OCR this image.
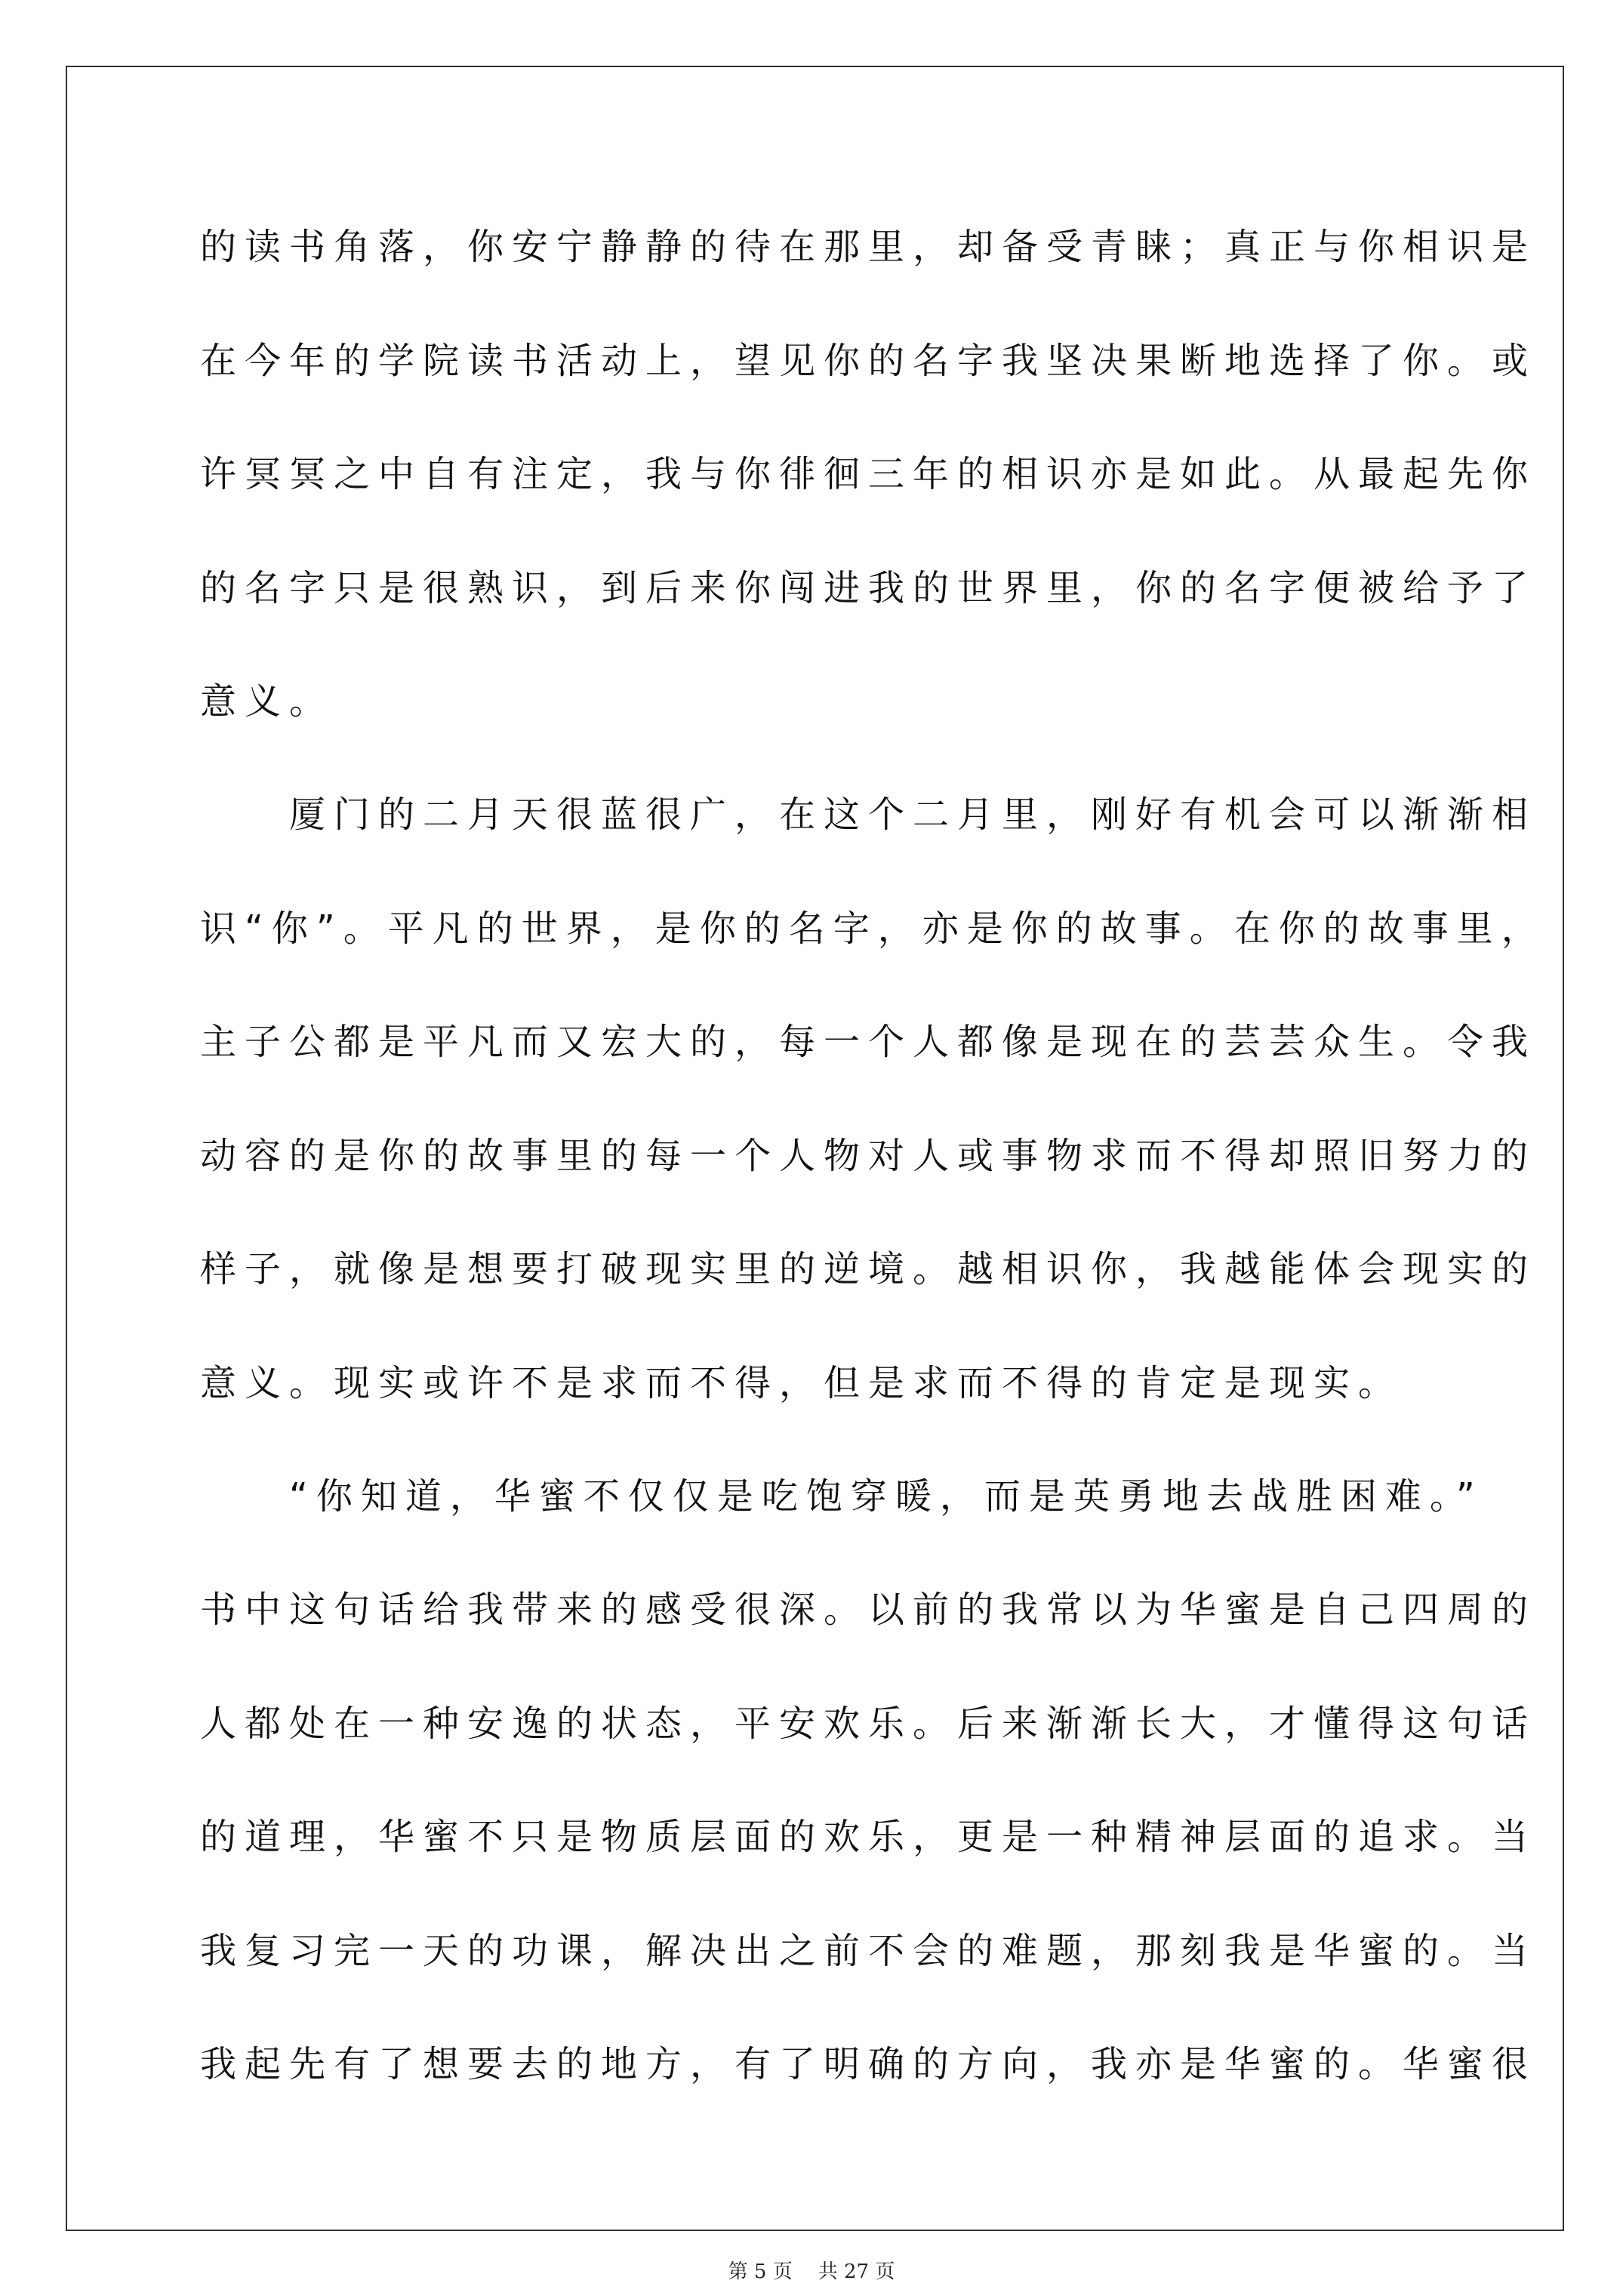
的读书角落，你安宁静静的待在那里，却备受青睐；真正与你相识是
在今年的学院读书活动上，望见你的名字我坚决果断地选择了你。或
许冥冥之中自有注定，我与你徘徊三年的相识亦是如此。从最起先你
的名字只是很熟识，到后来你闯进我的世界里，你的名字便被给予了
意义。
　　厦门的二月天很蓝很广，在这个二月里，刚好有机会可以渐渐相
识“你”。平凡的世界，是你的名字，亦是你的故事。在你的故事里，
主子公都是平凡而又宏大的，每一个人都像是现在的芸芸众生。令我
动容的是你的故事里的每一个人物对人或事物求而不得却照旧努力的
样子，就像是想要打破现实里的逆境。越相识你，我越能体会现实的
意义。现实或许不是求而不得，但是求而不得的肯定是现实。
　　“你知道，华蜜不仅仅是吃饱穿暖，而是英勇地去战胜困难。”
书中这句话给我带来的感受很深。以前的我常以为华蜜是自己四周的
人都处在一种安逸的状态，平安欢乐。后来渐渐长大，才懂得这句话
的道理，华蜜不只是物质层面的欢乐，更是一种精神层面的追求。当
我复习完一天的功课，解决出之前不会的难题，那刻我是华蜜的。当
我起先有了想要去的地方，有了明确的方向，我亦是华蜜的。华蜜很
第 5 页 共 27 页
